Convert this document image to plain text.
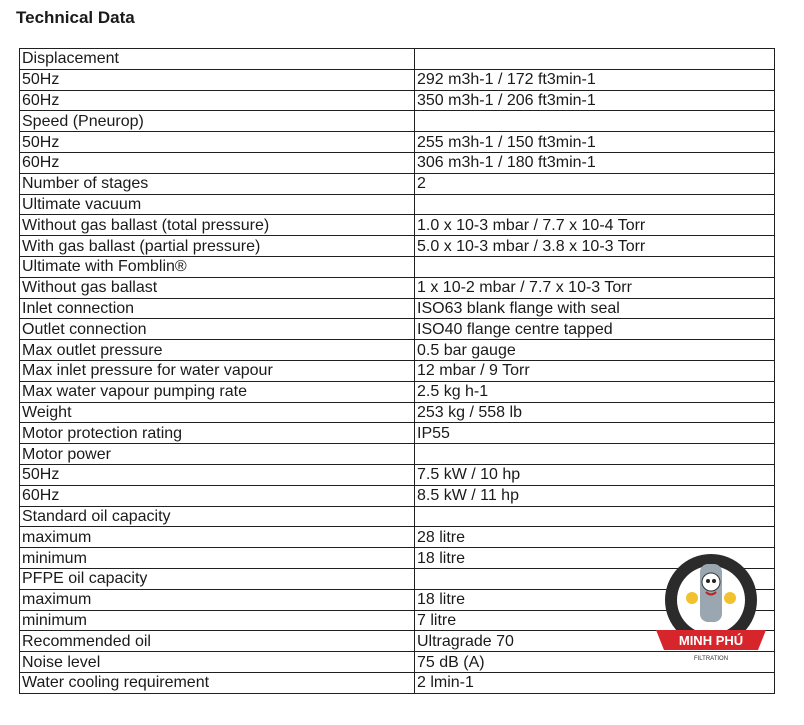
Technical Data
Displacement	
50Hz	292 m3h-1 / 172 ft3min-1
60Hz	350 m3h-1 / 206 ft3min-1
Speed (Pneurop)	
50Hz	255 m3h-1 / 150 ft3min-1
60Hz	306 m3h-1 / 180 ft3min-1
Number of stages	2
Ultimate vacuum	
Without gas ballast (total pressure)	1.0 x 10-3 mbar / 7.7 x 10-4 Torr
With gas ballast (partial pressure)	5.0 x 10-3 mbar / 3.8 x 10-3 Torr
Ultimate with Fomblin®	
Without gas ballast	1 x 10-2 mbar / 7.7 x 10-3 Torr
Inlet connection	ISO63 blank flange with seal
Outlet connection	ISO40 flange centre tapped
Max outlet pressure	0.5 bar gauge
Max inlet pressure for water vapour	12 mbar / 9 Torr
Max water vapour pumping rate	2.5 kg h-1
Weight	253 kg / 558 lb
Motor protection rating	IP55
Motor power	
50Hz	7.5 kW / 10 hp
60Hz	8.5 kW / 11 hp
Standard oil capacity	
maximum	28 litre
minimum	18 litre
PFPE oil capacity	
maximum	18 litre
minimum	7 litre
Recommended oil	Ultragrade 70
Noise level	75 dB (A)
Water cooling requirement	2 lmin-1
MINH PHÚ
FILTRATION
